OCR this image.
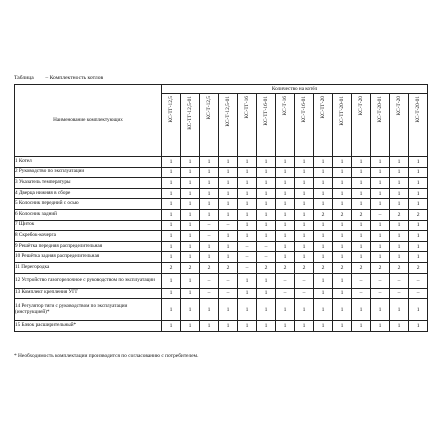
Таблица – Комплектность котлов
Наименование комплектующих	Количество на котёл													

	КС-ТГ-12,5	КС-ТГ-12,5-01	КС-Т-12,5	КС-Т-12,5-01	КС-ТГ-16	КС-ТГ-16-01	КС-Т-16	КС-Т-16-01	КС-ТГ-20	КС-ТГ-20-01	КС-Т-20	КС-Т-20-01	КС-Т-20	КС-Т-20-01

1 Котел	1	1	1	1	1	1	1	1	1	1	1	1	1	1
2 Руководство по эксплуатации	1	1	1	1	1	1	1	1	1	1	1	1	1	1
3 Указатель температуры	1	1	1	1	1	1	1	1	1	1	1	1	1	1
4 Дверца нижняя в сборе	1	1	1	1	1	1	1	1	1	1	1	1	1	1
5 Колосник передний с осью	1	1	1	1	1	1	1	1	1	1	1	1	1	1
6 Колосник задний	1	1	1	1	1	1	1	1	2	2	2	–	2	2
7 Щиток	1	1	–	–	1	1	1	1	1	1	1	1	1	1
8 Скребок-кочерга	1	1	–	1	1	1	1	1	1	1	1	1	1	1
9 Решётка передняя распределительная	1	1	1	1	–	–	1	1	1	1	1	1	1	1
10 Решётка задняя распределительная	1	1	1	1	–	–	1	1	1	1	1	1	1	1
11 Перегородка	2	2	2	2	–	2	2	2	2	2	2	2	2	2
12 Устройство газогорелочное с руководством по эксплуатации	1	1	–	–	1	1	–	–	1	1	–	–	–	–
13 Комплект крепления УГГ	1	1	–	–	1	1	–	–	1	1	–	–	–	–
14 Регулятор тяги с руководством по эксплуатации (инструкцией)*	1	1	1	1	1	1	1	1	1	1	1	1	1	1
15 Бачок расширительный*	1	1	1	1	1	1	1	1	1	1	1	1	1	1
* Необходимость комплектации производится по согласованию с потребителем.
